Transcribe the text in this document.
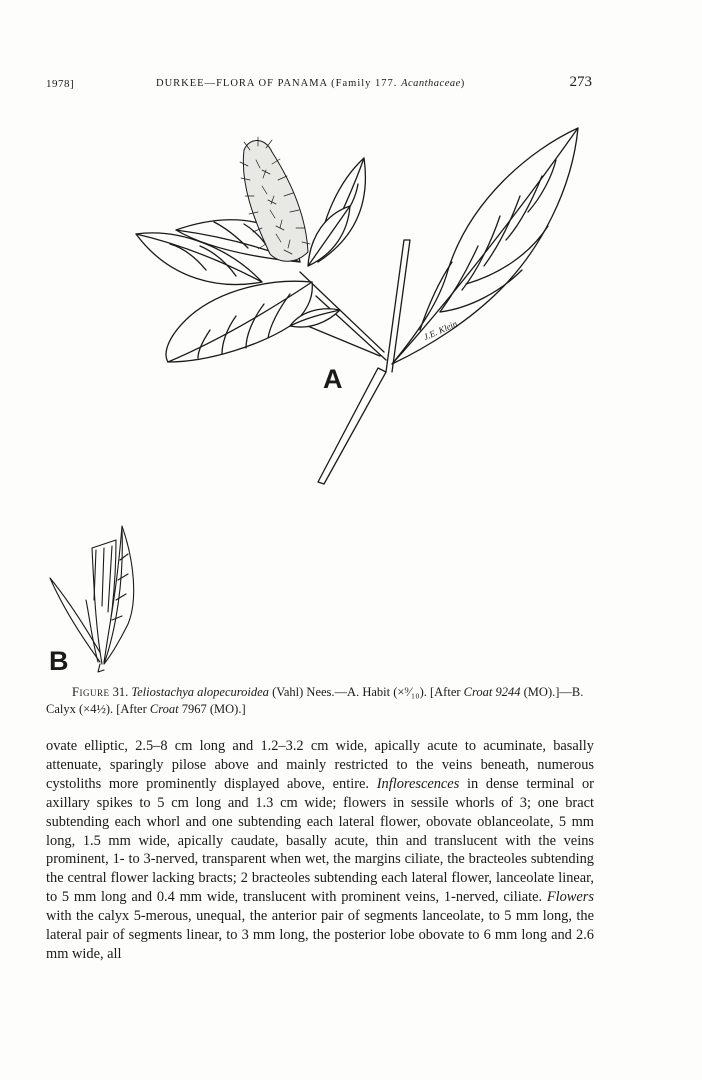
1978]	DURKEE—FLORA OF PANAMA (Family 177. Acanthaceae)	273
A
B
J.E. Klein
Figure 31. Teliostachya alopecuroidea (Vahl) Nees.—A. Habit (×⁹⁄₁₀). [After Croat 9244 (MO).]—B. Calyx (×4½). [After Croat 7967 (MO).]
ovate elliptic, 2.5–8 cm long and 1.2–3.2 cm wide, apically acute to acuminate, basally attenuate, sparingly pilose above and mainly restricted to the veins beneath, numerous cystoliths more prominently displayed above, entire. Inflorescences in dense terminal or axillary spikes to 5 cm long and 1.3 cm wide; flowers in sessile whorls of 3; one bract subtending each whorl and one subtending each lateral flower, obovate oblanceolate, 5 mm long, 1.5 mm wide, apically caudate, basally acute, thin and translucent with the veins prominent, 1- to 3-nerved, transparent when wet, the margins ciliate, the bracteoles subtending the central flower lacking bracts; 2 bracteoles subtending each lateral flower, lanceolate linear, to 5 mm long and 0.4 mm wide, translucent with prominent veins, 1-nerved, ciliate. Flowers with the calyx 5-merous, unequal, the anterior pair of segments lanceolate, to 5 mm long, the lateral pair of segments linear, to 3 mm long, the posterior lobe obovate to 6 mm long and 2.6 mm wide, all
